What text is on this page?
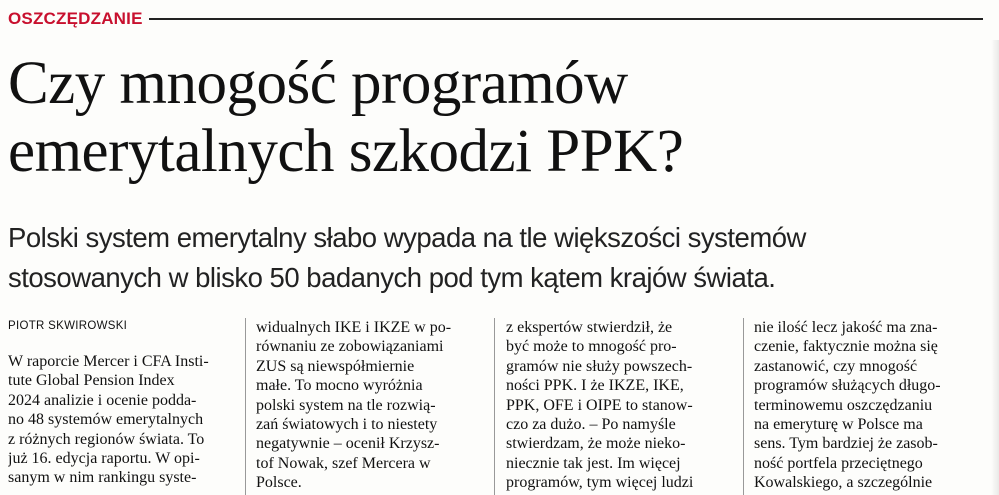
OSZCZĘDZANIE
Czy mnogość programów
emerytalnych szkodzi PPK?

Polski system emerytalny słabo wypada na tle większości systemów
stosowanych w blisko 50 badanych pod tym kątem krajów świata.

PIOTR SKWIROWSKI
W raporcie Mercer i CFA Insti-
tute Global Pension Index
2024 analizie i ocenie podda-
no 48 systemów emerytalnych
z różnych regionów świata. To
już 16. edycja raportu. W opi-
sanym w nim rankingu syste-
widualnych IKE i IKZE w po-
równaniu ze zobowiązaniami
ZUS są niewspółmiernie
małe. To mocno wyróżnia
polski system na tle rozwią-
zań światowych i to niestety
negatywnie – ocenił Krzysz-
tof Nowak, szef Mercera w
Polsce.
z ekspertów stwierdził, że
być może to mnogość pro-
gramów nie służy powszech-
ności PPK. I że IKZE, IKE,
PPK, OFE i OIPE to stanow-
czo za dużo. – Po namyśle
stwierdzam, że może nieko-
niecznie tak jest. Im więcej
programów, tym więcej ludzi
nie ilość lecz jakość ma zna-
czenie, faktycznie można się
zastanowić, czy mnogość
programów służących długo-
terminowemu oszczędzaniu
na emeryturę w Polsce ma
sens. Tym bardziej że zasob-
ność portfela przeciętnego
Kowalskiego, a szczególnie
